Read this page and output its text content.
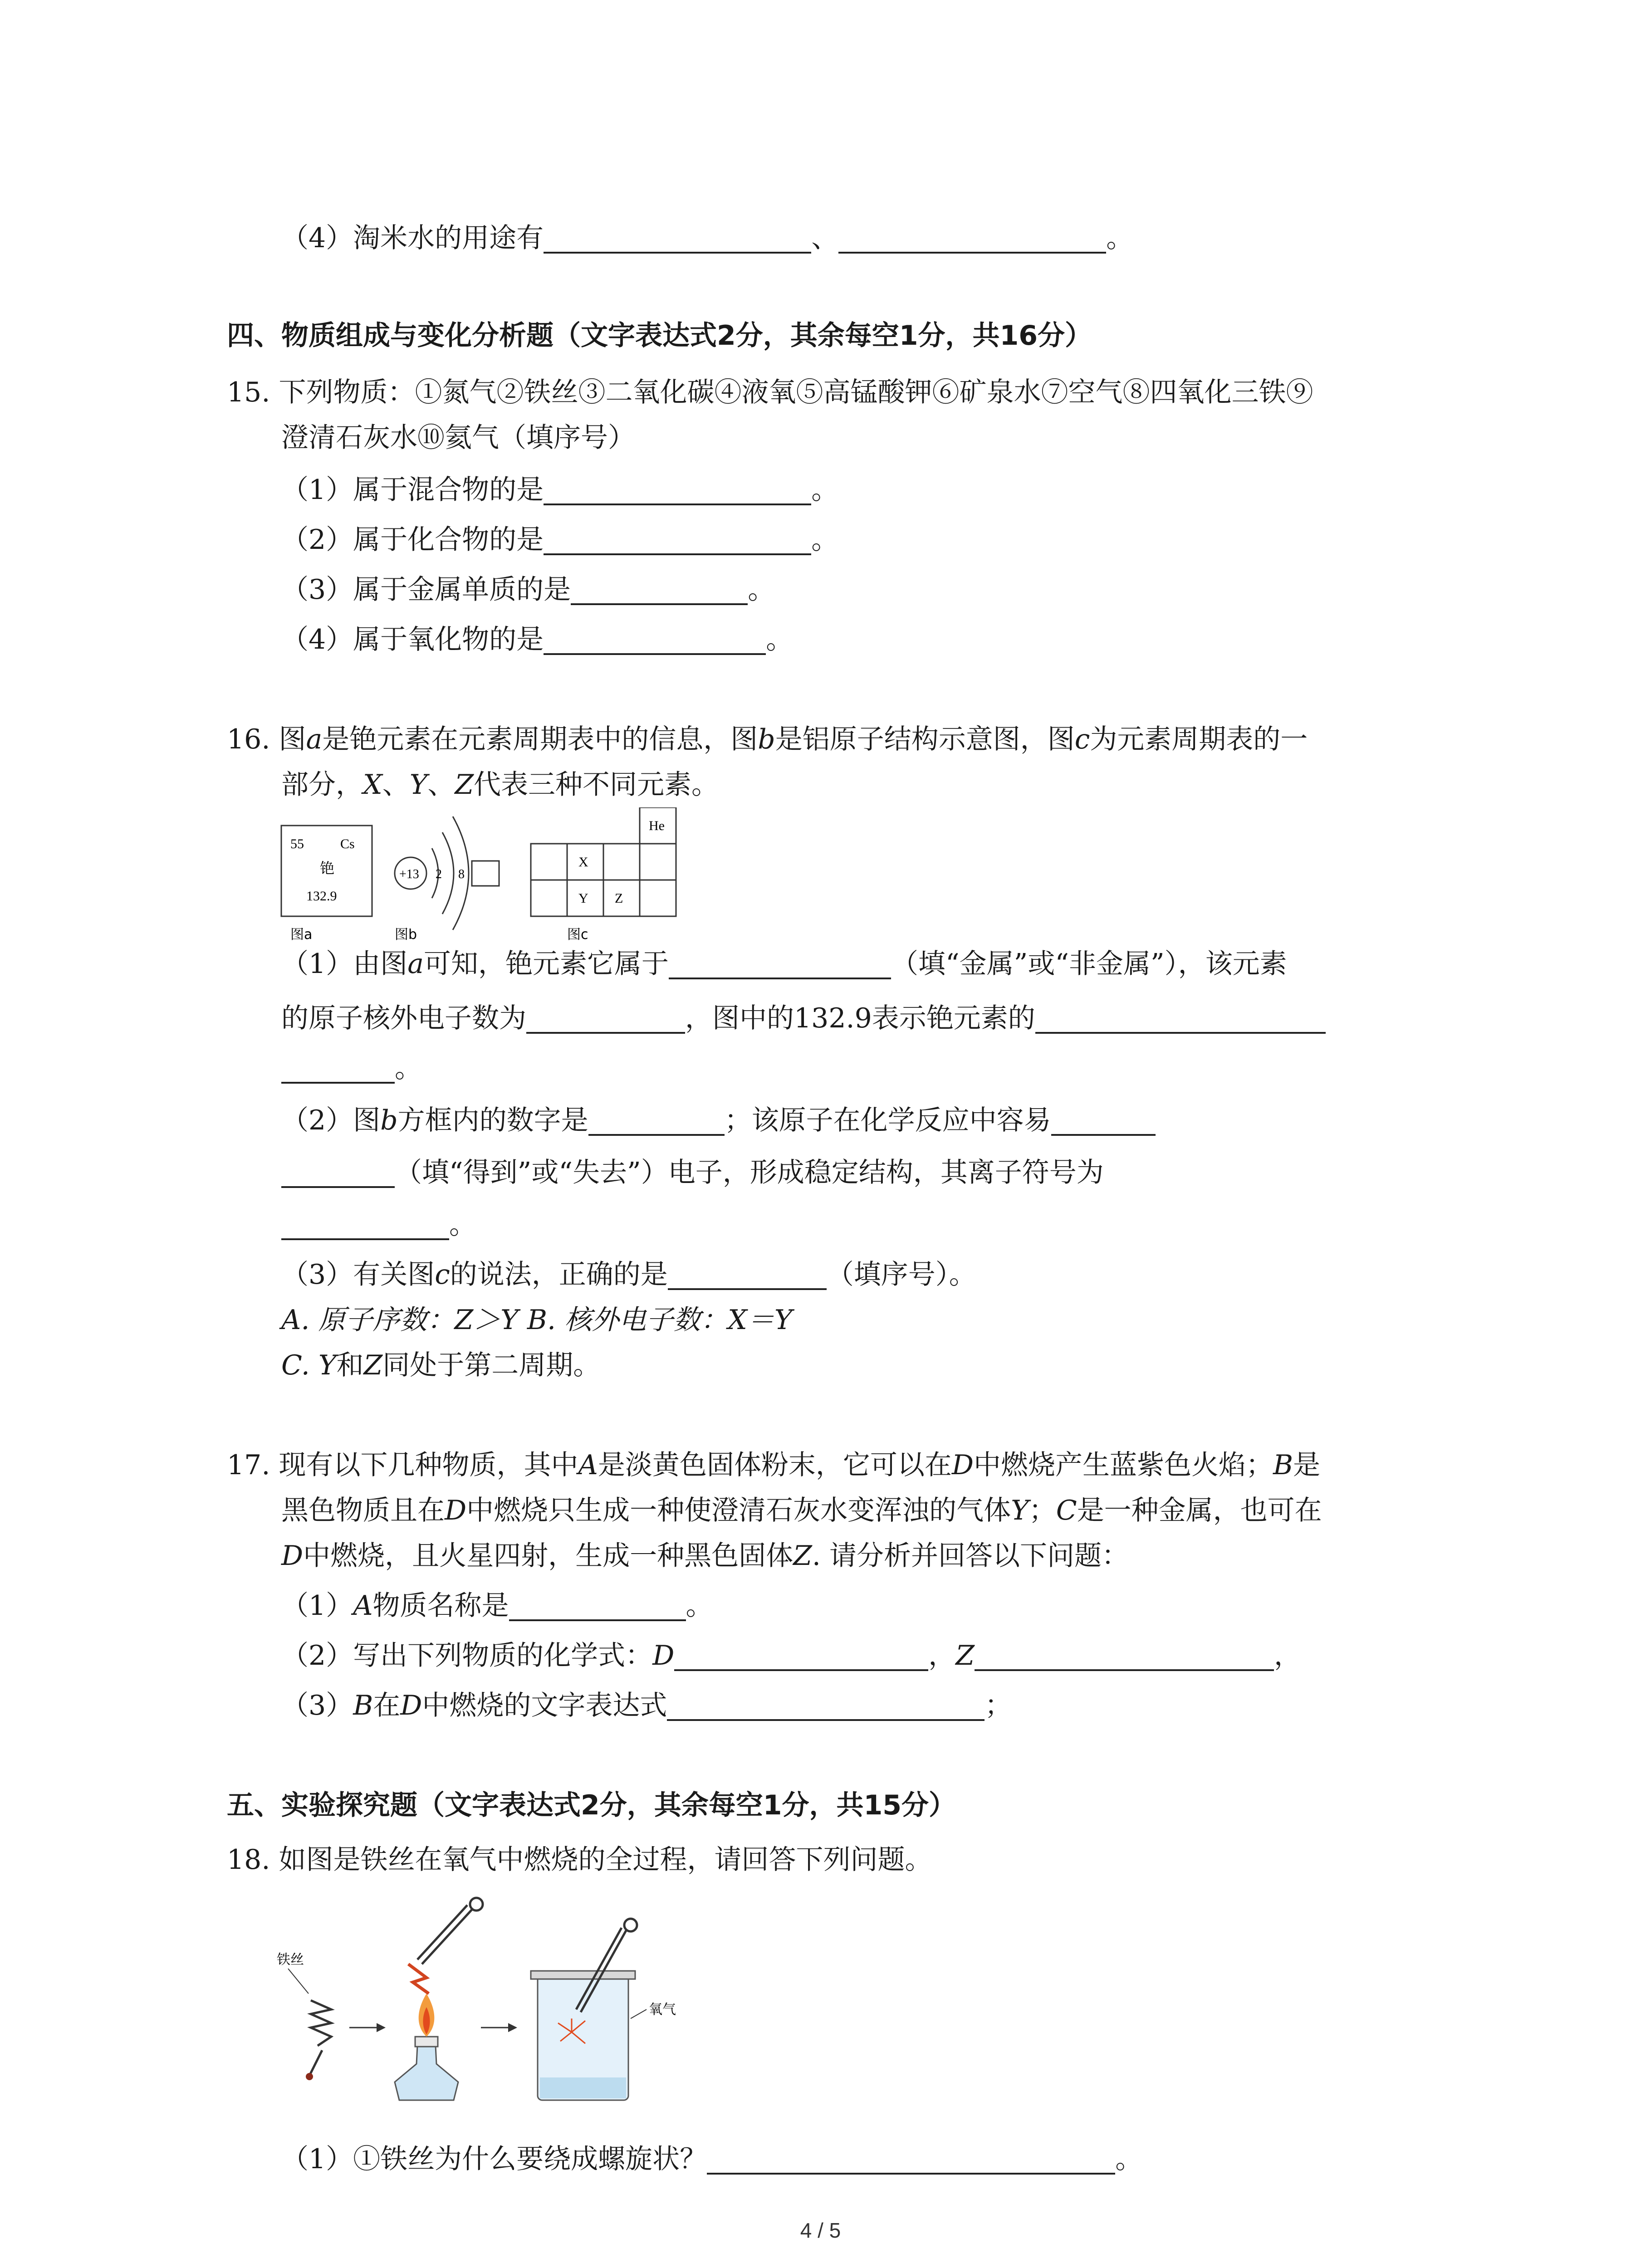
（4）淘米水的用途有	、	。
四、物质组成与变化分析题（文字表达式2分，其余每空1分，共16分）
15. 下列物质：①氮气②铁丝③二氧化碳④液氧⑤高锰酸钾⑥矿泉水⑦空气⑧四氧化三铁⑨
澄清石灰水⑩氦气（填序号）
（1）属于混合物的是	。
（2）属于化合物的是	。
（3）属于金属单质的是	。
（4）属于氧化物的是	。
16. 图a是铯元素在元素周期表中的信息，图b是铝原子结构示意图，图c为元素周期表的一
部分，X、Y、Z代表三种不同元素。
55	Cs
铯
132.9
图a
+13 2 8
图b
He
X
Y Z
图c
（1）由图a可知，铯元素它属于	（填“金属”或“非金属”），该元素
的原子核外电子数为	，图中的132.9表示铯元素的
。
（2）图b方框内的数字是	；该原子在化学反应中容易
（填“得到”或“失去”）电子，形成稳定结构，其离子符号为
。
（3）有关图c的说法，正确的是	（填序号）。
A. 原子序数：Z＞Y B. 核外电子数：X＝Y
C. Y和Z同处于第二周期。
17. 现有以下几种物质，其中A是淡黄色固体粉末，它可以在D中燃烧产生蓝紫色火焰；B是
黑色物质且在D中燃烧只生成一种使澄清石灰水变浑浊的气体Y；C是一种金属，也可在
D中燃烧，且火星四射，生成一种黑色固体Z. 请分析并回答以下问题：
（1）A物质名称是	。
（2）写出下列物质的化学式：D	，Z	，
（3）B在D中燃烧的文字表达式	；
五、实验探究题（文字表达式2分，其余每空1分，共15分）
18. 如图是铁丝在氧气中燃烧的全过程，请回答下列问题。
铁丝
氧气
（1）①铁丝为什么要绕成螺旋状？	。
4 / 5
